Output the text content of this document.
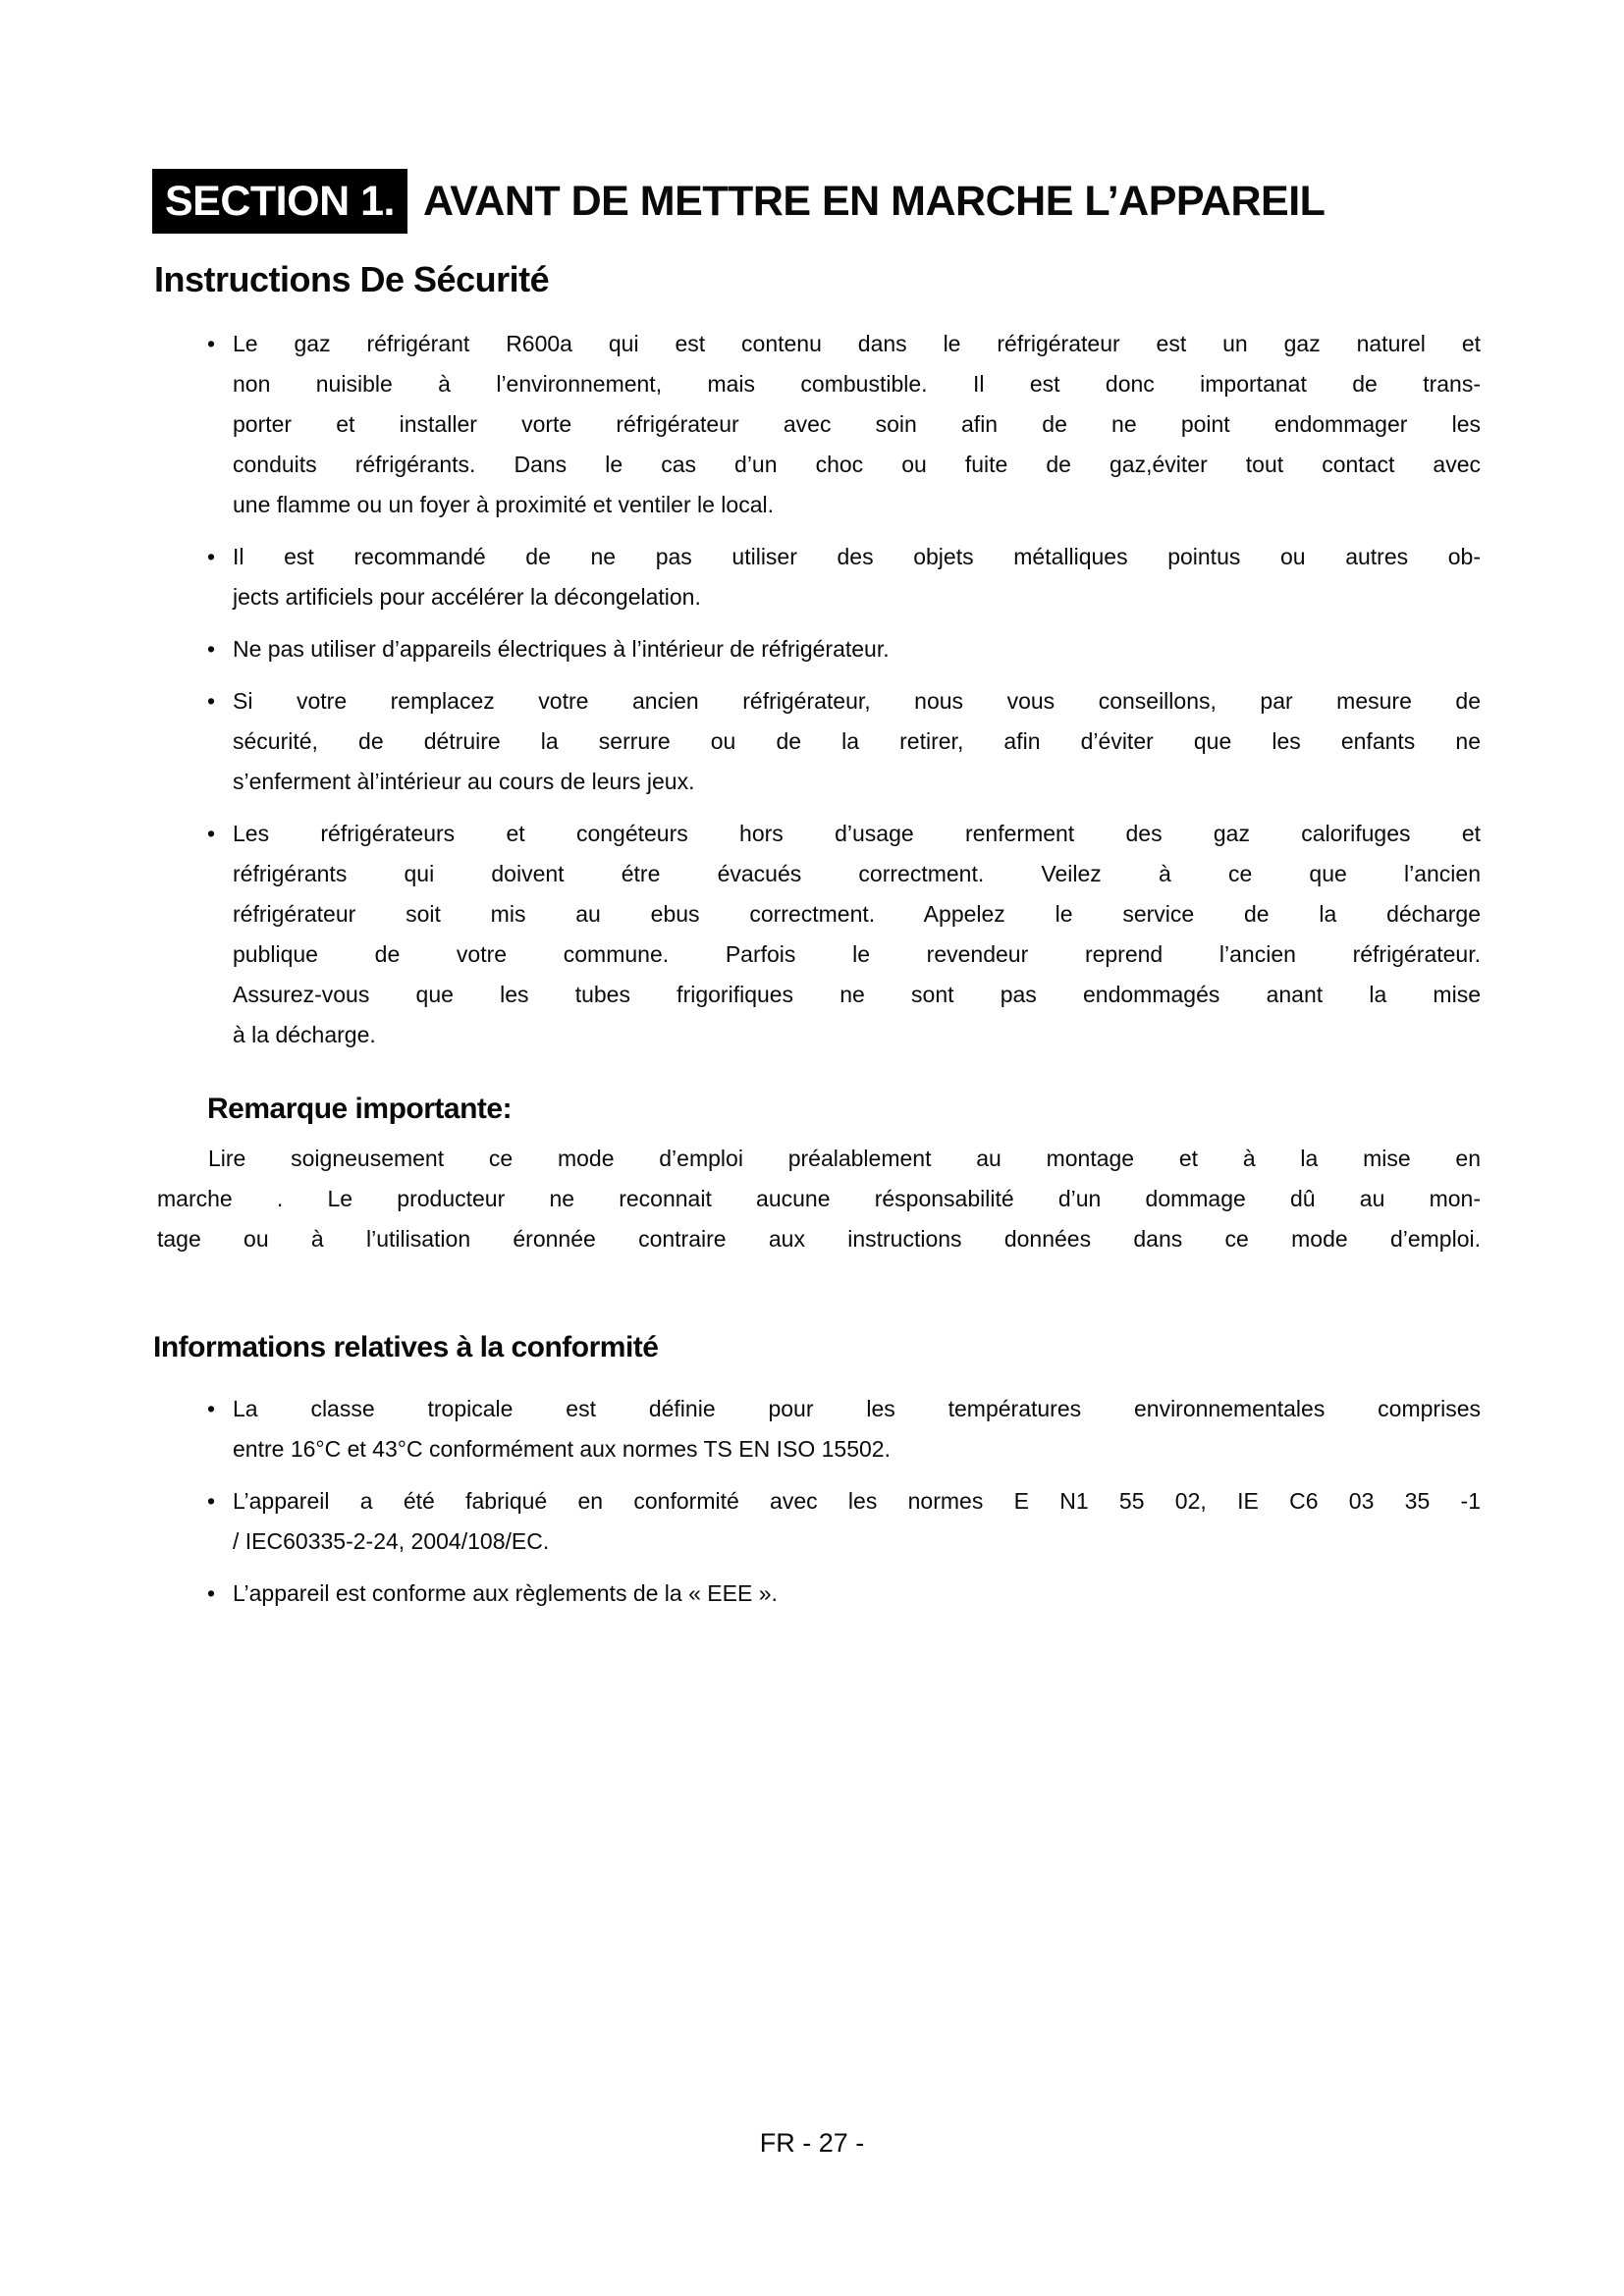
SECTION 1. AVANT DE METTRE EN MARCHE L’APPAREIL
Instructions De Sécurité
• Le gaz réfrigérant R600a qui est contenu dans le réfrigérateur est un gaz naturel et
non nuisible à l’environnement, mais combustible. Il est donc importanat de trans-
porter et installer vorte réfrigérateur avec soin afin de ne point endommager les
conduits réfrigérants. Dans le cas d’un choc ou fuite de gaz,éviter tout contact avec
une flamme ou un foyer à proximité et ventiler le local.
• Il est recommandé de ne pas utiliser des objets métalliques pointus ou autres ob-
jects artificiels pour accélérer la décongelation.
• Ne pas utiliser d’appareils électriques à l’intérieur de réfrigérateur.
• Si votre remplacez votre ancien réfrigérateur, nous vous conseillons, par mesure de
sécurité, de détruire la serrure ou de la retirer, afin d’éviter que les enfants ne
s’enferment àl’intérieur au cours de leurs jeux.
• Les réfrigérateurs et congéteurs hors d’usage renferment des gaz calorifuges et
réfrigérants qui doivent étre évacués correctment. Veilez à ce que l’ancien
réfrigérateur soit mis au ebus correctment. Appelez le service de la décharge
publique de votre commune. Parfois le revendeur reprend l’ancien réfrigérateur.
Assurez-vous que les tubes frigorifiques ne sont pas endommagés anant la mise
à la décharge.
Remarque importante:
Lire soigneusement ce mode d’emploi préalablement au montage et à la mise en
marche . Le producteur ne reconnait aucune résponsabilité d’un dommage dû au mon-
tage ou à l’utilisation éronnée contraire aux instructions données dans ce mode d’emploi.
Informations relatives à la conformité
• La classe tropicale est définie pour les températures environnementales comprises
entre 16°C et 43°C conformément aux normes TS EN ISO 15502.
• L’appareil a été fabriqué en conformité avec les normes E N1 55 02, IE C6 03 35 -1
/ IEC60335-2-24, 2004/108/EC.
• L’appareil est conforme aux règlements de la « EEE ».
FR - 27 -
